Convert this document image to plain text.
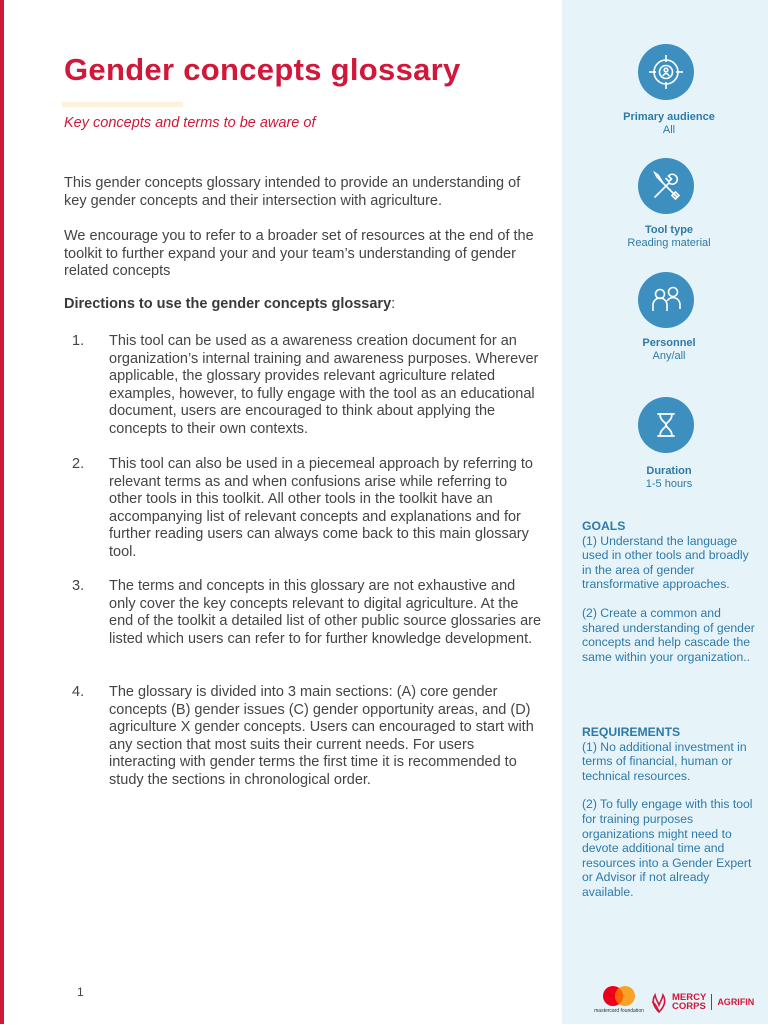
Gender concepts glossary
Key concepts and terms to be aware of
This gender concepts glossary intended to provide an understanding of key gender concepts and their intersection with agriculture.
We encourage you to refer to a broader set of resources at the end of the toolkit to further expand your and your team’s understanding of gender related concepts
Directions to use the gender concepts glossary:
1. This tool can be used as a awareness creation document for an organization’s internal training and awareness purposes. Wherever applicable, the glossary provides relevant agriculture related examples, however, to fully engage with the tool as an educational document, users are encouraged to think about applying the concepts to their own contexts.
2. This tool can also be used in a piecemeal approach by referring to relevant terms as and when confusions arise while referring to other tools in this toolkit. All other tools in the toolkit have an accompanying list of relevant concepts and explanations and for further reading users can always come back to this main glossary tool.
3. The terms and concepts in this glossary are not exhaustive and only cover the key concepts relevant to digital agriculture. At the end of the toolkit a detailed list of other public source glossaries are listed which users can refer to for further knowledge development.
4. The glossary is divided into 3 main sections: (A) core gender concepts (B) gender issues (C) gender opportunity areas, and (D) agriculture X gender concepts. Users can encouraged to start with any section that most suits their current needs. For users interacting with gender terms the first time it is recommended to study the sections in chronological order.
1
Primary audience
All
Tool type
Reading material
Personnel
Any/all
Duration
1-5 hours
GOALS

(1) Understand the language used in other tools and broadly in the area of gender transformative approaches.

(2) Create a common and shared understanding of gender concepts and help cascade the same within your organization..

REQUIREMENTS

(1) No additional investment in terms of financial, human or technical resources.

(2) To fully engage with this tool for training purposes organizations might need to devote additional time and resources into a Gender Expert or Advisor if not already available.

mastercard foundation
MERCY
CORPS	AGRIFIN
